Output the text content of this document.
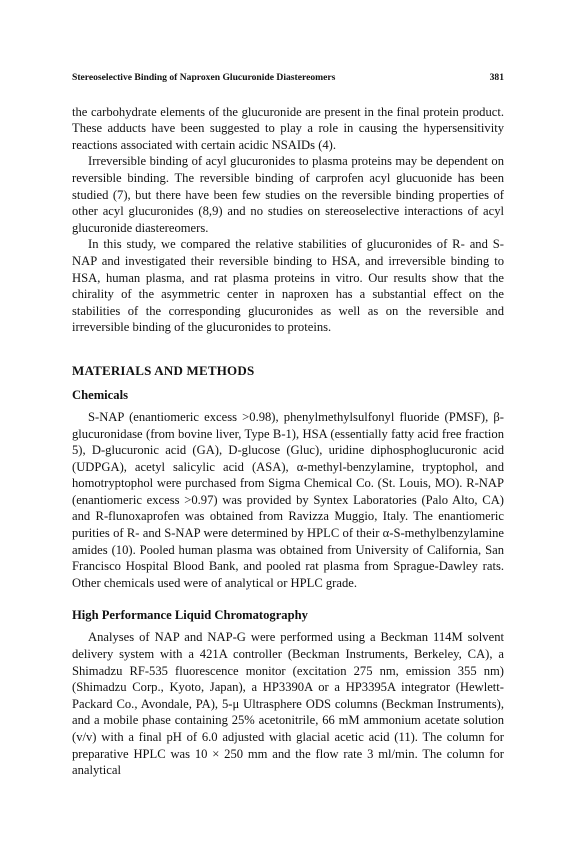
Stereoselective Binding of Naproxen Glucuronide Diastereomers	381

the carbohydrate elements of the glucuronide are present in the final protein product. These adducts have been suggested to play a role in causing the hypersensitivity reactions associated with certain acidic NSAIDs (4).

Irreversible binding of acyl glucuronides to plasma proteins may be dependent on reversible binding. The reversible binding of carprofen acyl glucuonide has been studied (7), but there have been few studies on the reversible binding properties of other acyl glucuronides (8,9) and no studies on stereoselective interactions of acyl glucuronide diastereomers.

In this study, we compared the relative stabilities of glucuronides of R- and S-NAP and investigated their reversible binding to HSA, and irreversible binding to HSA, human plasma, and rat plasma proteins in vitro. Our results show that the chirality of the asymmetric center in naproxen has a substantial effect on the stabilities of the corresponding glucuronides as well as on the reversible and irreversible binding of the glucuronides to proteins.

MATERIALS AND METHODS
Chemicals

S-NAP (enantiomeric excess >0.98), phenylmethylsulfonyl fluoride (PMSF), β-glucuronidase (from bovine liver, Type B-1), HSA (essentially fatty acid free fraction 5), D-glucuronic acid (GA), D-glucose (Gluc), uridine diphosphoglucuronic acid (UDPGA), acetyl salicylic acid (ASA), α-methyl-benzylamine, tryptophol, and homotryptophol were purchased from Sigma Chemical Co. (St. Louis, MO). R-NAP (enantiomeric excess >0.97) was provided by Syntex Laboratories (Palo Alto, CA) and R-flunoxaprofen was obtained from Ravizza Muggio, Italy. The enantiomeric purities of R- and S-NAP were determined by HPLC of their α-S-methylbenzylamine amides (10). Pooled human plasma was obtained from University of California, San Francisco Hospital Blood Bank, and pooled rat plasma from Sprague-Dawley rats. Other chemicals used were of analytical or HPLC grade.

High Performance Liquid Chromatography

Analyses of NAP and NAP-G were performed using a Beckman 114M solvent delivery system with a 421A controller (Beckman Instruments, Berkeley, CA), a Shimadzu RF-535 fluorescence monitor (excitation 275 nm, emission 355 nm) (Shimadzu Corp., Kyoto, Japan), a HP3390A or a HP3395A integrator (Hewlett-Packard Co., Avondale, PA), 5-μ Ultrasphere ODS columns (Beckman Instruments), and a mobile phase containing 25% acetonitrile, 66 mM ammonium acetate solution (v/v) with a final pH of 6.0 adjusted with glacial acetic acid (11). The column for preparative HPLC was 10 × 250 mm and the flow rate 3 ml/min. The column for analytical
